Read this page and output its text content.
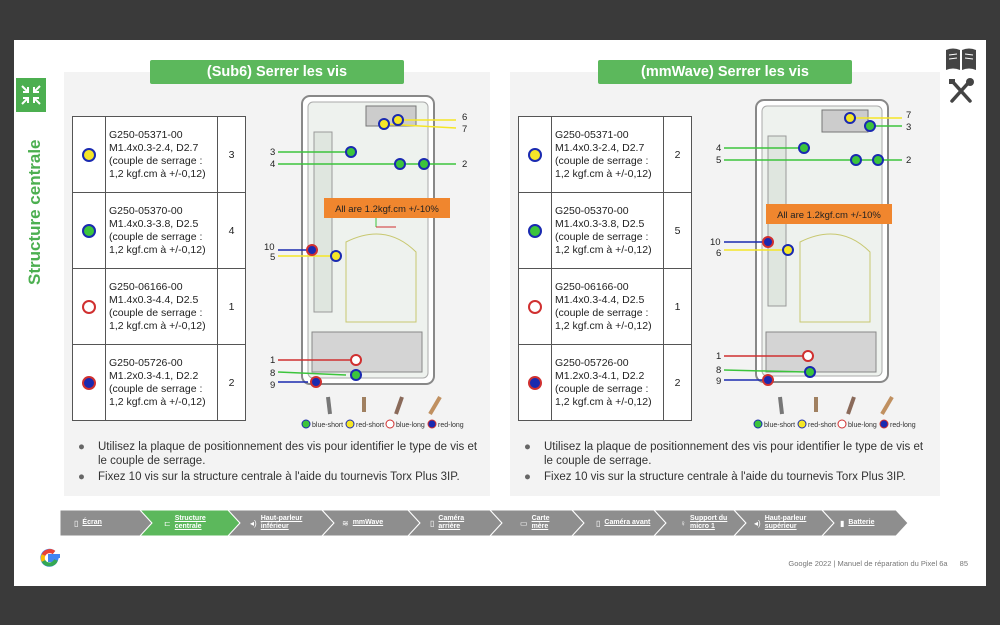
Structure centrale

(Sub6) Serrer les vis

	G250-05371-00
M1.4x0.3-2.4, D2.7
(couple de serrage :
1,2 kgf.cm à +/-0,12)	3

	G250-05370-00
M1.4x0.3-3.8, D2.5
(couple de serrage :
1,2 kgf.cm à +/-0,12)	4

	G250-06166-00
M1.4x0.3-4.4, D2.5
(couple de serrage :
1,2 kgf.cm à +/-0,12)	1

	G250-05726-00
M1.2x0.3-4.1, D2.2
(couple de serrage :
1,2 kgf.cm à +/-0,12)	2
All are 1.2kgf.cm +/-10%
6
7
3
4	2
10
5
1
8
9
blue-short red-short blue-long red-long
●	Utilisez la plaque de positionnement des vis pour identifier le type de vis et le couple de serrage.
●	Fixez 10 vis sur la structure centrale à l'aide du tournevis Torx Plus 3IP.
(mmWave) Serrer les vis

	G250-05371-00
M1.4x0.3-2.4, D2.7
(couple de serrage :
1,2 kgf.cm à +/-0,12)	2

	G250-05370-00
M1.4x0.3-3.8, D2.5
(couple de serrage :
1,2 kgf.cm à +/-0,12)	5

	G250-06166-00
M1.4x0.3-4.4, D2.5
(couple de serrage :
1,2 kgf.cm à +/-0,12)	1

	G250-05726-00
M1.2x0.3-4.1, D2.2
(couple de serrage :
1,2 kgf.cm à +/-0,12)	2
All are 1.2kgf.cm +/-10%
7
3
4
5	2
10
6
1
8
9
blue-short red-short blue-long red-long
●	Utilisez la plaque de positionnement des vis pour identifier le type de vis et le couple de serrage.
●	Fixez 10 vis sur la structure centrale à l'aide du tournevis Torx Plus 3IP.
▯ Écran	⊏ Structure centrale	◂) Haut-parleur inférieur	≋ mmWave	▯ Caméra arrière	▭ Carte mère	▯ Caméra avant	♀ Support du micro 1	◂) Haut-parleur supérieur	▮ Batterie
Google 2022 | Manuel de réparation du Pixel 6a 85
